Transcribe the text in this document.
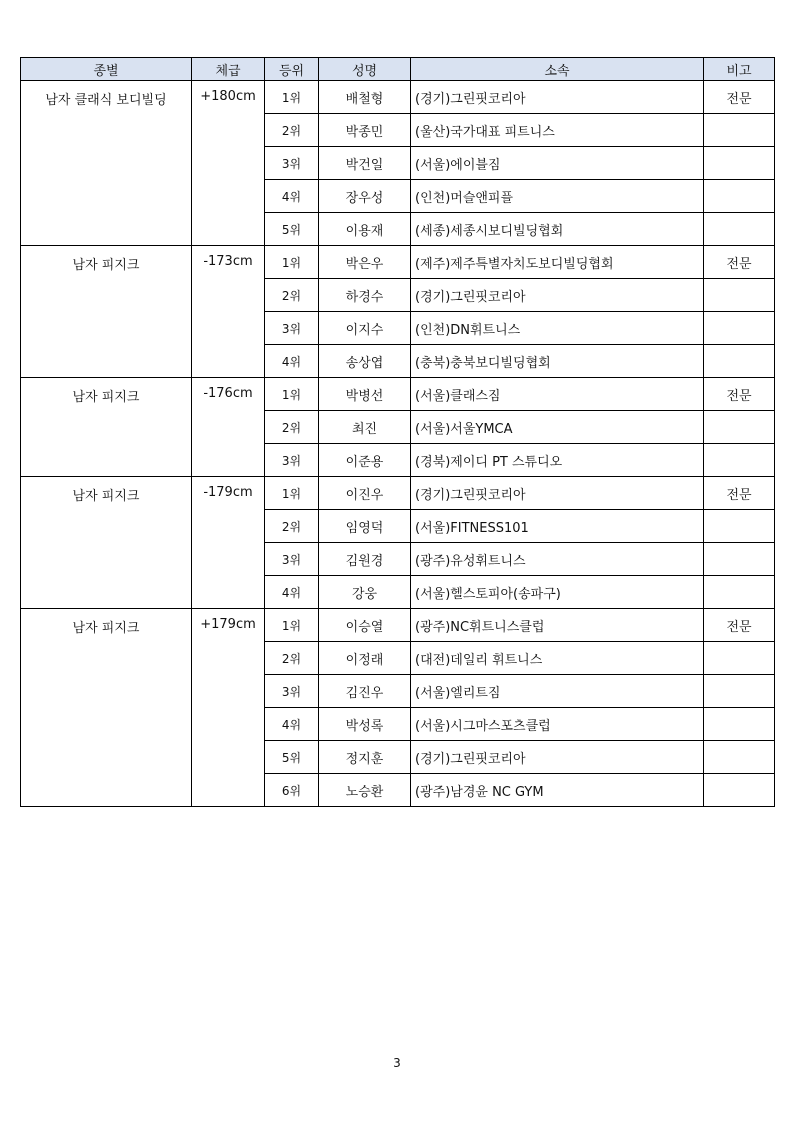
종별	체급	등위	성명	소속	비고
남자 클래식 보디빌딩	+180cm	1위	배철형	(경기)그린핏코리아	전문
		2위	박종민	(울산)국가대표 피트니스	
		3위	박건일	(서울)에이블짐	
		4위	장우성	(인천)머슬앤피플	
		5위	이용재	(세종)세종시보디빌딩협회	
남자 피지크	-173cm	1위	박은우	(제주)제주특별자치도보디빌딩협회	전문
		2위	하경수	(경기)그린핏코리아	
		3위	이지수	(인천)DN휘트니스	
		4위	송상엽	(충북)충북보디빌딩협회	
남자 피지크	-176cm	1위	박병선	(서울)클래스짐	전문
		2위	최진	(서울)서울YMCA	
		3위	이준용	(경북)제이디 PT 스튜디오	
남자 피지크	-179cm	1위	이진우	(경기)그린핏코리아	전문
		2위	임영덕	(서울)FITNESS101	
		3위	김원경	(광주)유성휘트니스	
		4위	강웅	(서울)헬스토피아(송파구)	
남자 피지크	+179cm	1위	이승열	(광주)NC휘트니스클럽	전문
		2위	이정래	(대전)데일리 휘트니스	
		3위	김진우	(서울)엘리트짐	
		4위	박성록	(서울)시그마스포츠클럽	
		5위	정지훈	(경기)그린핏코리아	
		6위	노승환	(광주)남경윤 NC GYM	
3
